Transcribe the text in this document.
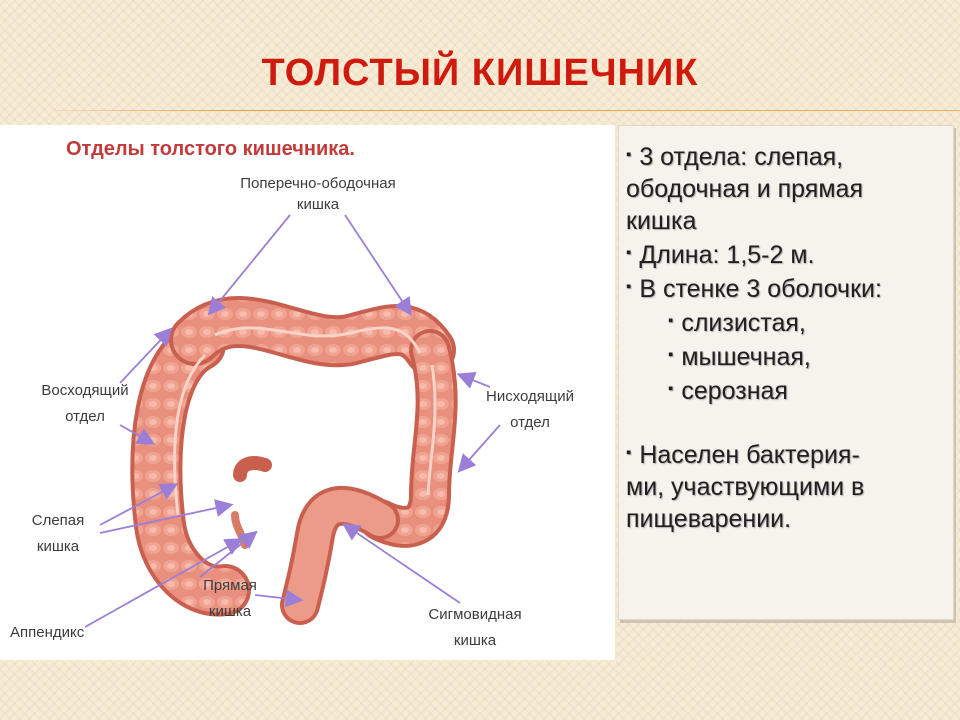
ТОЛСТЫЙ КИШЕЧНИК
Отделы толстого кишечника.
Поперечно-ободочная
кишка
Восходящий
отдел
Нисходящий
отдел
Слепая
кишка
Прямая
кишка
Аппендикс
Сигмовидная
кишка
▪ 3 отдела: слепая,
ободочная и прямая
кишка
▪ Длина: 1,5-2 м.
▪ В стенке 3 оболочки:
▪ слизистая,
▪ мышечная,
▪ серозная
▪ Населен бактерия-
ми, участвующими в
пищеварении.
